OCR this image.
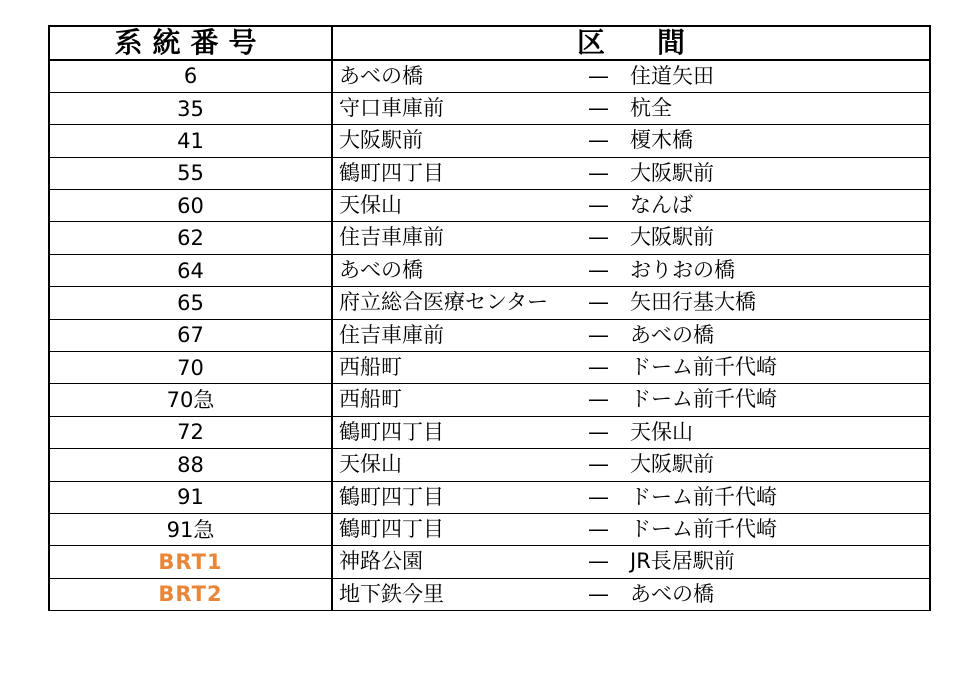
系統番号	区間
6	あべの橋 — 住道矢田

35	守口車庫前 — 杭全

41	大阪駅前 — 榎木橋

55	鶴町四丁目 — 大阪駅前

60	天保山 — なんば

62	住吉車庫前 — 大阪駅前

64	あべの橋 — おりおの橋

65	府立総合医療センター — 矢田行基大橋

67	住吉車庫前 — あべの橋

70	西船町 — ドーム前千代崎

70急	西船町 — ドーム前千代崎

72	鶴町四丁目 — 天保山

88	天保山 — 大阪駅前

91	鶴町四丁目 — ドーム前千代崎

91急	鶴町四丁目 — ドーム前千代崎

BRT1	神路公園 — JR長居駅前

BRT2	地下鉄今里 — あべの橋
